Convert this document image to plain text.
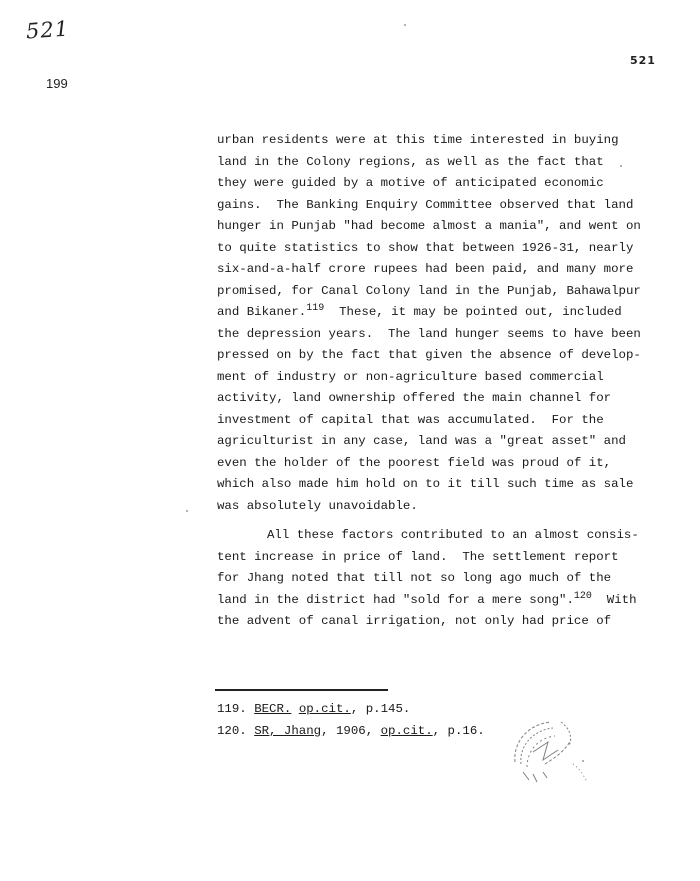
521
521
199
urban residents were at this time interested in buying
land in the Colony regions, as well as the fact that
they were guided by a motive of anticipated economic
gains.  The Banking Enquiry Committee observed that land
hunger in Punjab "had become almost a mania", and went on
to quite statistics to show that between 1926-31, nearly
six-and-a-half crore rupees had been paid, and many more
promised, for Canal Colony land in the Punjab, Bahawalpur
and Bikaner.$^{119}$  These, it may be pointed out, included
the depression years.  The land hunger seems to have been
pressed on by the fact that given the absence of develop-
ment of industry or non-agriculture based commercial
activity, land ownership offered the main channel for
investment of capital that was accumulated.  For the
agriculturist in any case, land was a "great asset" and
even the holder of the poorest field was proud of it,
which also made him hold on to it till such time as sale
was absolutely unavoidable.
All these factors contributed to an almost consis-
tent increase in price of land.  The settlement report
for Jhang noted that till not so long ago much of the
land in the district had "sold for a mere song".$^{120}$  With
the advent of canal irrigation, not only had price of
119. BECR. op.cit., p.145.
120. SR, Jhang, 1906, op.cit., p.16.
